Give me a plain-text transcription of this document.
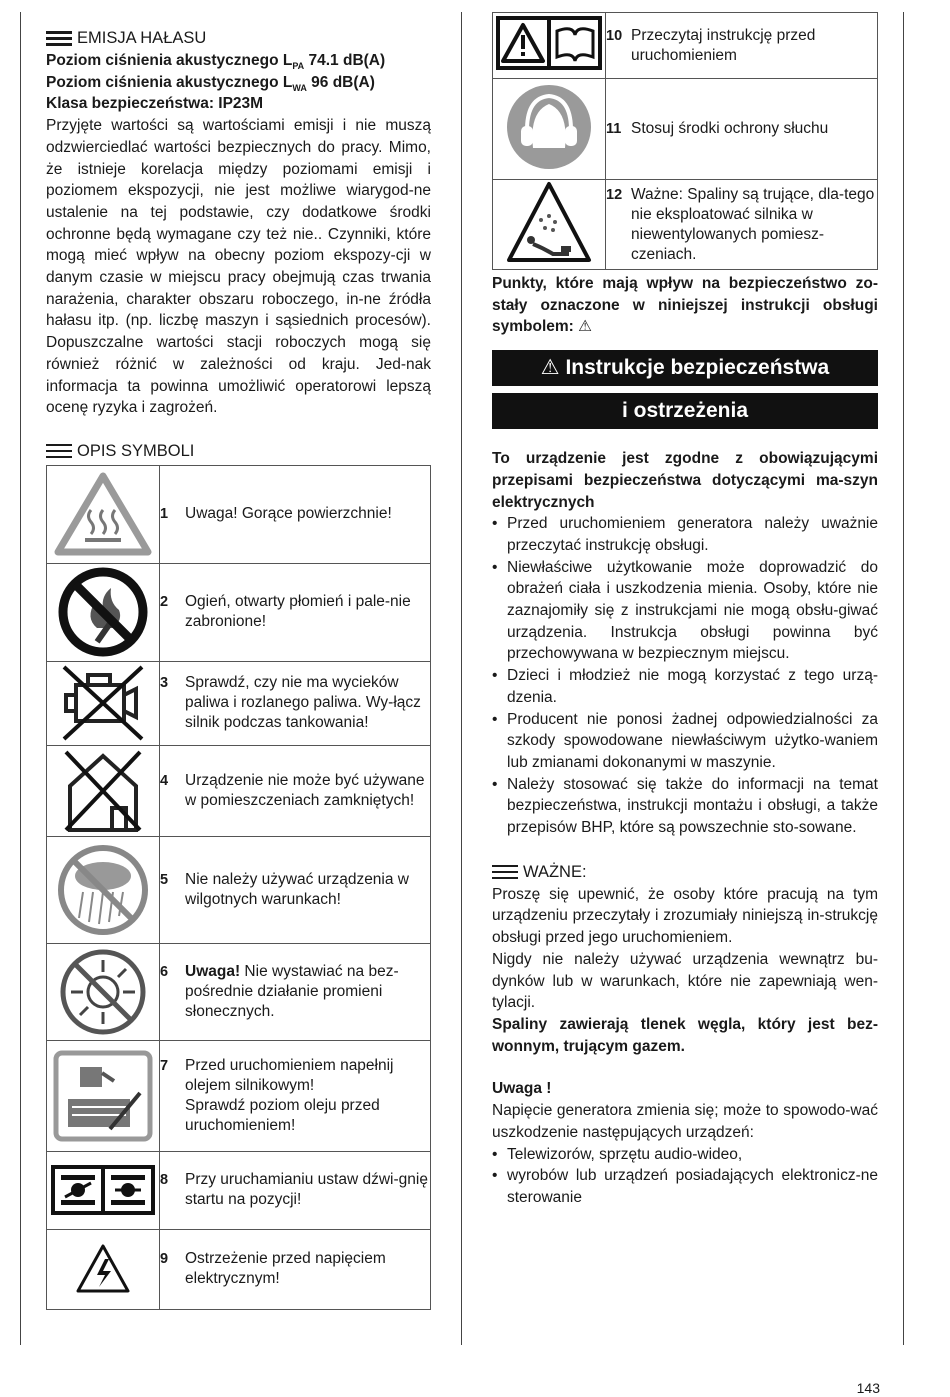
EMISJA HAŁASU

Poziom ciśnienia akustycznego $L_{PA}$ 74.1 dB(A)

Poziom ciśnienia akustycznego $L_{WA}$ 96 dB(A)

Klasa bezpieczeństwa: IP23M

Przyjęte wartości są wartościami emisji i nie muszą odzwierciedlać wartości bezpiecznych do pracy. Mimo, że istnieje korelacja między poziomami emisji i poziomem ekspozycji, nie jest możliwe wiarygod-ne ustalenie na tej podstawie, czy dodatkowe środki ochronne będą wymagane czy też nie.. Czynniki, które mogą mieć wpływ na obecny poziom ekspozy-cji w danym czasie w miejscu pracy obejmują czas trwania narażenia, charakter obszaru roboczego, in-ne źródła hałasu itp. (np. liczbę maszyn i sąsiednich procesów). Dopuszczalne wartości stacji roboczych mogą się również różnić w zależności od kraju. Jed-nak informacja ta powinna umożliwić operatorowi lepszą ocenę ryzyka i zagrożeń.

OPIS SYMBOLI

1 Uwaga! Gorące powierzchnie!

2 Ogień, otwarty płomień i pale-nie zabronione!

3 Sprawdź, czy nie ma wycieków paliwa i rozlanego paliwa. Wy-łącz silnik podczas tankowania!

4 Urządzenie nie może być używane w pomieszczeniach zamkniętych!

5 Nie należy używać urządzenia w wilgotnych warunkach!

6 Uwaga! Nie wystawiać na bez-pośrednie działanie promieni słonecznych.

7 Przed uruchomieniem napełnij olejem silnikowym!
Sprawdź poziom oleju przed uruchomieniem!

8 Przy uruchamianiu ustaw dźwi-gnię startu na pozycji!

9 Ostrzeżenie przed napięciem elektrycznym!

10 Przeczytaj instrukcję przed uruchomieniem

11 Stosuj środki ochrony słuchu

12 Ważne: Spaliny są trujące, dla-tego nie eksploatować silnika w niewentylowanych pomiesz-czeniach.

Punkty, które mają wpływ na bezpieczeństwo zo-stały oznaczone w niniejszej instrukcji obsługi symbolem: ⚠

⚠ Instrukcje bezpieczeństwa
i ostrzeżenia

To urządzenie jest zgodne z obowiązującymi przepisami bezpieczeństwa dotyczącymi ma-szyn elektrycznych

• Przed uruchomieniem generatora należy uważnie przeczytać instrukcję obsługi.
• Niewłaściwe użytkowanie może doprowadzić do obrażeń ciała i uszkodzenia mienia. Osoby, które nie zaznajomiły się z instrukcjami nie mogą obsłu-giwać urządzenia. Instrukcja obsługi powinna być przechowywana w bezpiecznym miejscu.
• Dzieci i młodzież nie mogą korzystać z tego urzą-dzenia.
• Producent nie ponosi żadnej odpowiedzialności za szkody spowodowane niewłaściwym użytko-waniem lub zmianami dokonanymi w maszynie.
• Należy stosować się także do informacji na temat bezpieczeństwa, instrukcji montażu i obsługi, a także przepisów BHP, które są powszechnie sto-sowane.
WAŻNE:

Proszę się upewnić, że osoby które pracują na tym urządzeniu przeczytały i zrozumiały niniejszą in-strukcję obsługi przed jego uruchomieniem.

Nigdy nie należy używać urządzenia wewnątrz bu-dynków lub w warunkach, które nie zapewniają wen-tylacji.

Spaliny zawierają tlenek węgla, który jest bez-wonnym, trującym gazem.

Uwaga !

Napięcie generatora zmienia się; może to spowodo-wać uszkodzenie następujących urządzeń:

• Telewizorów, sprzętu audio-wideo,
• wyrobów lub urządzeń posiadających elektronicz-ne sterowanie
143
